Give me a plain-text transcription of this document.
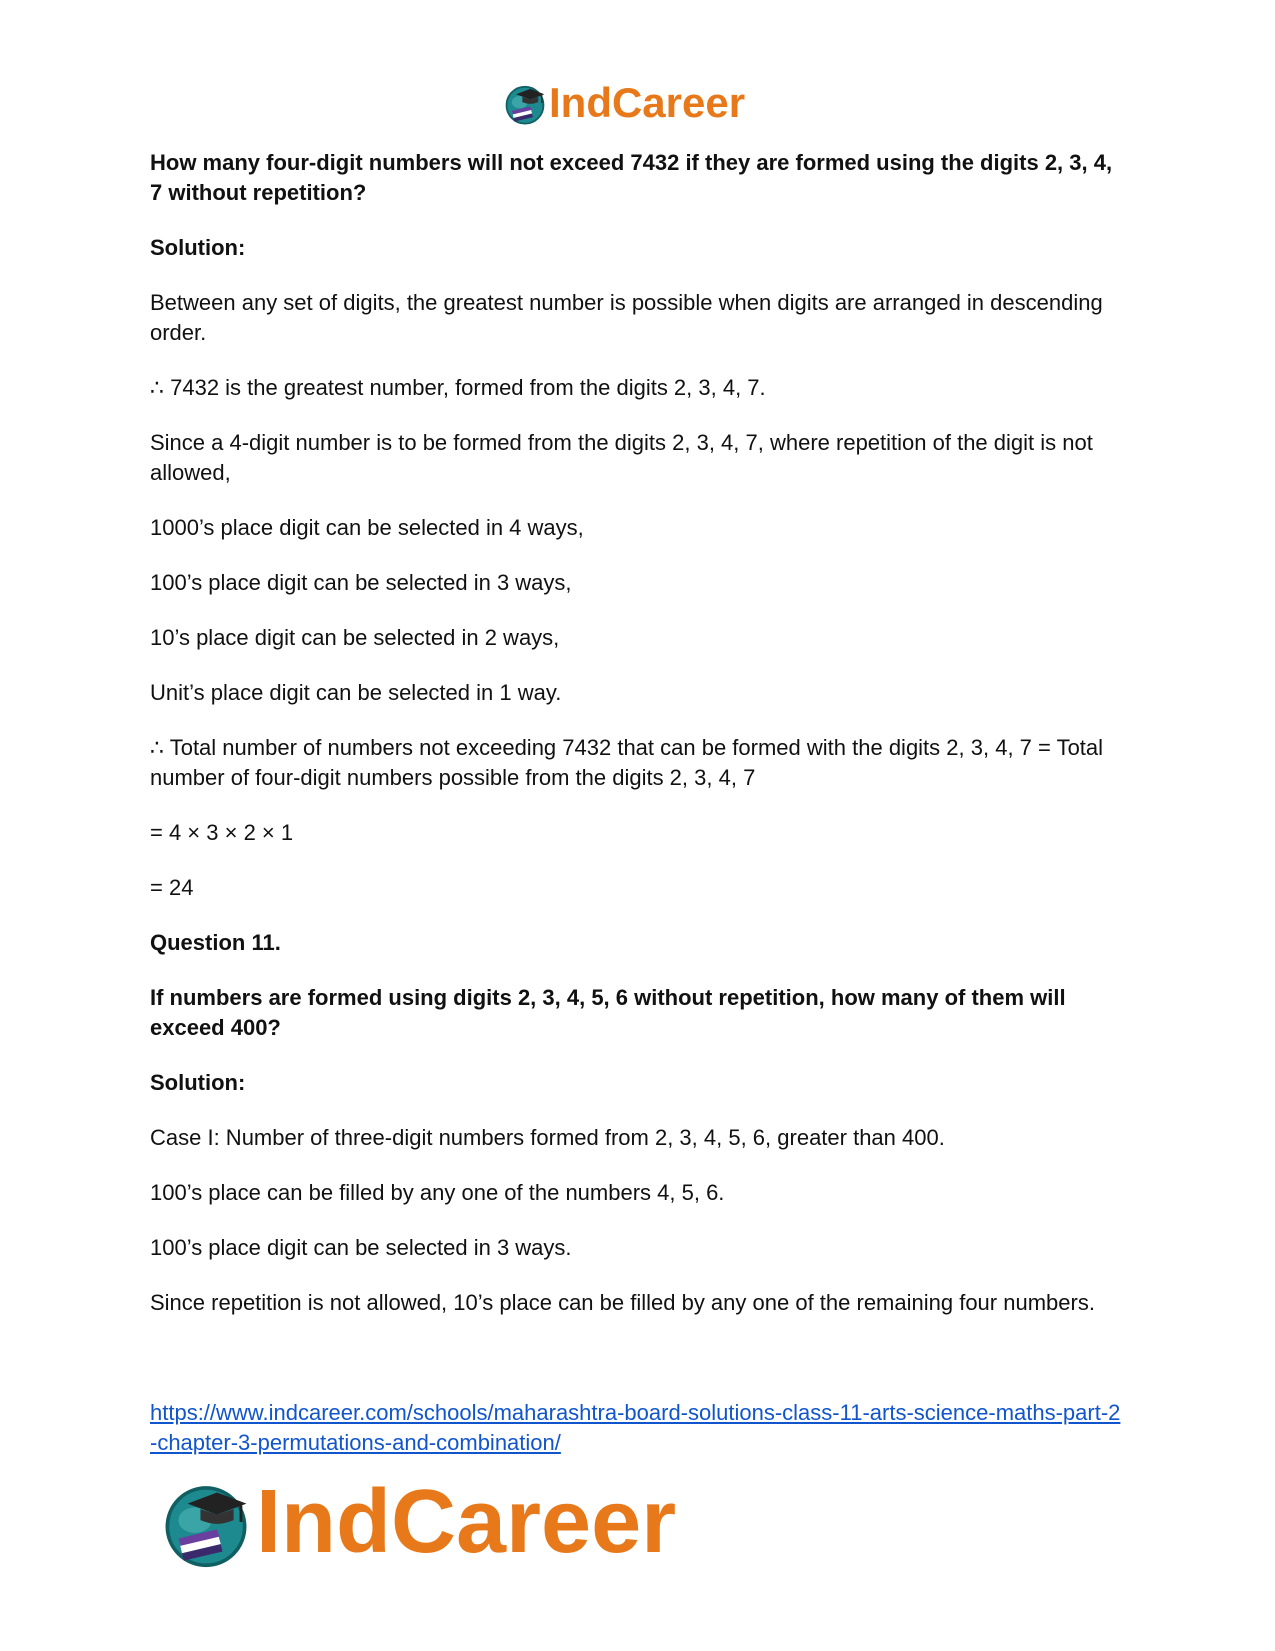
IndCareer

How many four-digit numbers will not exceed 7432 if they are formed using the digits 2, 3, 4, 7 without repetition?

Solution:

Between any set of digits, the greatest number is possible when digits are arranged in descending order.

∴ 7432 is the greatest number, formed from the digits 2, 3, 4, 7.

Since a 4-digit number is to be formed from the digits 2, 3, 4, 7, where repetition of the digit is not allowed,

1000’s place digit can be selected in 4 ways,

100’s place digit can be selected in 3 ways,

10’s place digit can be selected in 2 ways,

Unit’s place digit can be selected in 1 way.

∴ Total number of numbers not exceeding 7432 that can be formed with the digits 2, 3, 4, 7 = Total number of four-digit numbers possible from the digits 2, 3, 4, 7

= 4 × 3 × 2 × 1

= 24

Question 11.

If numbers are formed using digits 2, 3, 4, 5, 6 without repetition, how many of them will exceed 400?

Solution:

Case I: Number of three-digit numbers formed from 2, 3, 4, 5, 6, greater than 400.

100’s place can be filled by any one of the numbers 4, 5, 6.

100’s place digit can be selected in 3 ways.

Since repetition is not allowed, 10’s place can be filled by any one of the remaining four numbers.

https://www.indcareer.com/schools/maharashtra-board-solutions-class-11-arts-science-maths-part-2-chapter-3-permutations-and-combination/
IndCareer
